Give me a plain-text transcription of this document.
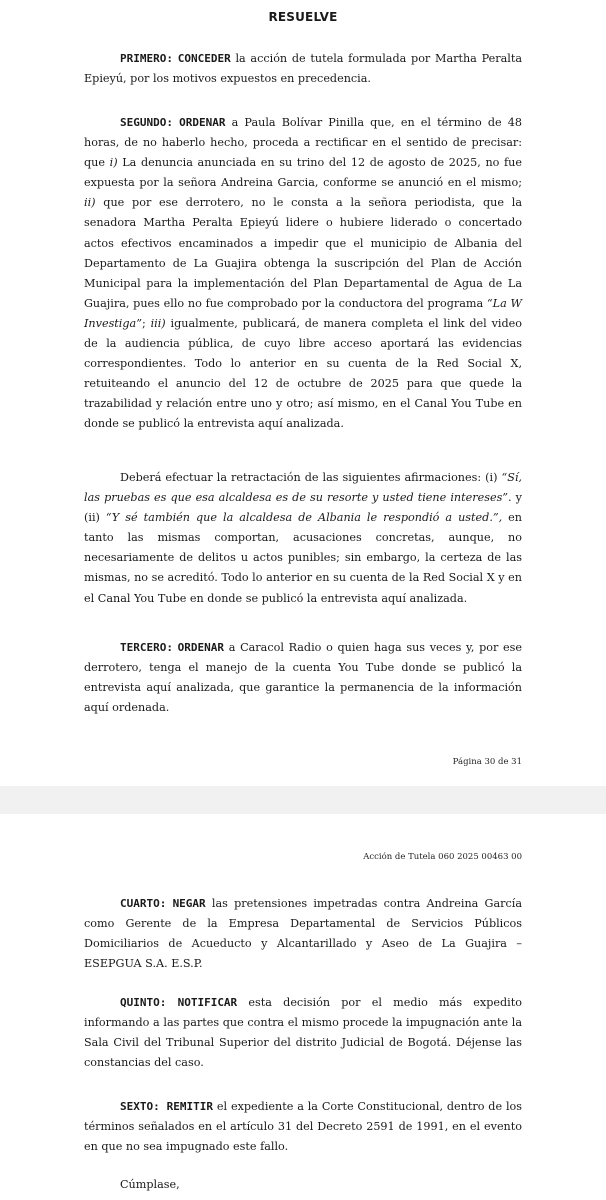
RESUELVE

PRIMERO: CONCEDER la acción de tutela formulada por Martha Peralta Epieyú, por los motivos expuestos en precedencia.

SEGUNDO: ORDENAR a Paula Bolívar Pinilla que, en el término de 48 horas, de no haberlo hecho, proceda a rectificar en el sentido de precisar: que i) La denuncia anunciada en su trino del 12 de agosto de 2025, no fue expuesta por la señora Andreina Garcia, conforme se anunció en el mismo; ii) que por ese derrotero, no le consta a la señora periodista, que la senadora Martha Peralta Epieyú lidere o hubiere liderado o concertado actos efectivos encaminados a impedir que el municipio de Albania del Departamento de La Guajira obtenga la suscripción del Plan de Acción Municipal para la implementación del Plan Departamental de Agua de La Guajira, pues ello no fue comprobado por la conductora del programa “La W Investiga”; iii) igualmente, publicará, de manera completa el link del video de la audiencia pública, de cuyo libre acceso aportará las evidencias correspondientes. Todo lo anterior en su cuenta de la Red Social X, retuiteando el anuncio del 12 de octubre de 2025 para que quede la trazabilidad y relación entre uno y otro; así mismo, en el Canal You Tube en donde se publicó la entrevista aquí analizada.

Deberá efectuar la retractación de las siguientes afirmaciones: (i) “Sí, las pruebas es que esa alcaldesa es de su resorte y usted tiene intereses”. y (ii) “Y sé también que la alcaldesa de Albania le respondió a usted.”, en tanto las mismas comportan, acusaciones concretas, aunque, no necesariamente de delitos u actos punibles; sin embargo, la certeza de las mismas, no se acreditó. Todo lo anterior en su cuenta de la Red Social X y en el Canal You Tube en donde se publicó la entrevista aquí analizada.

TERCERO: ORDENAR a Caracol Radio o quien haga sus veces y, por ese derrotero, tenga el manejo de la cuenta You Tube donde se publicó la entrevista aquí analizada, que garantice la permanencia de la información aquí ordenada.

Página 30 de 31
Acción de Tutela 060 2025 00463 00

CUARTO: NEGAR las pretensiones impetradas contra Andreina García como Gerente de la Empresa Departamental de Servicios Públicos Domiciliarios de Acueducto y Alcantarillado y Aseo de La Guajira – ESEPGUA S.A. E.S.P.

QUINTO: NOTIFICAR esta decisión por el medio más expedito informando a las partes que contra el mismo procede la impugnación ante la Sala Civil del Tribunal Superior del distrito Judicial de Bogotá. Déjense las constancias del caso.

SEXTO: REMITIR el expediente a la Corte Constitucional, dentro de los términos señalados en el artículo 31 del Decreto 2591 de 1991, en el evento en que no sea impugnado este fallo.

Cúmplase,
